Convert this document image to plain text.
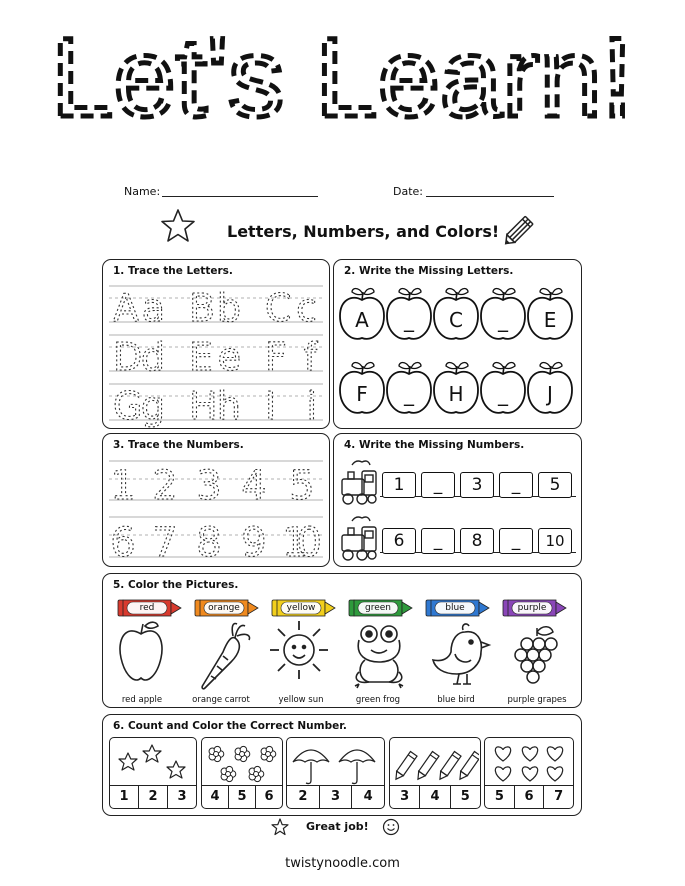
Let's Learn!
Name:	Date:
Letters, Numbers, and Colors!
1. Trace the Letters.
Aa Bb Cc
Dd Ee Ff
Gg Hh Ii
2. Write the Missing Letters.
A _ C _ E
F _ H _ J
3. Trace the Numbers.
1 2 3 4 5
6 7 8 9 10
4. Write the Missing Numbers.
1	_	3	_	5
6	_	8	_	10
5. Color the Pictures.
red	orange	yellow	green	blue	purple
red apple	orange carrot	yellow sun	green frog	blue bird	purple grapes
6. Count and Color the Correct Number.
1	2	3	4	5	6	2	3	4	3	4	5	5	6	7
Great job!
twistynoodle.com
